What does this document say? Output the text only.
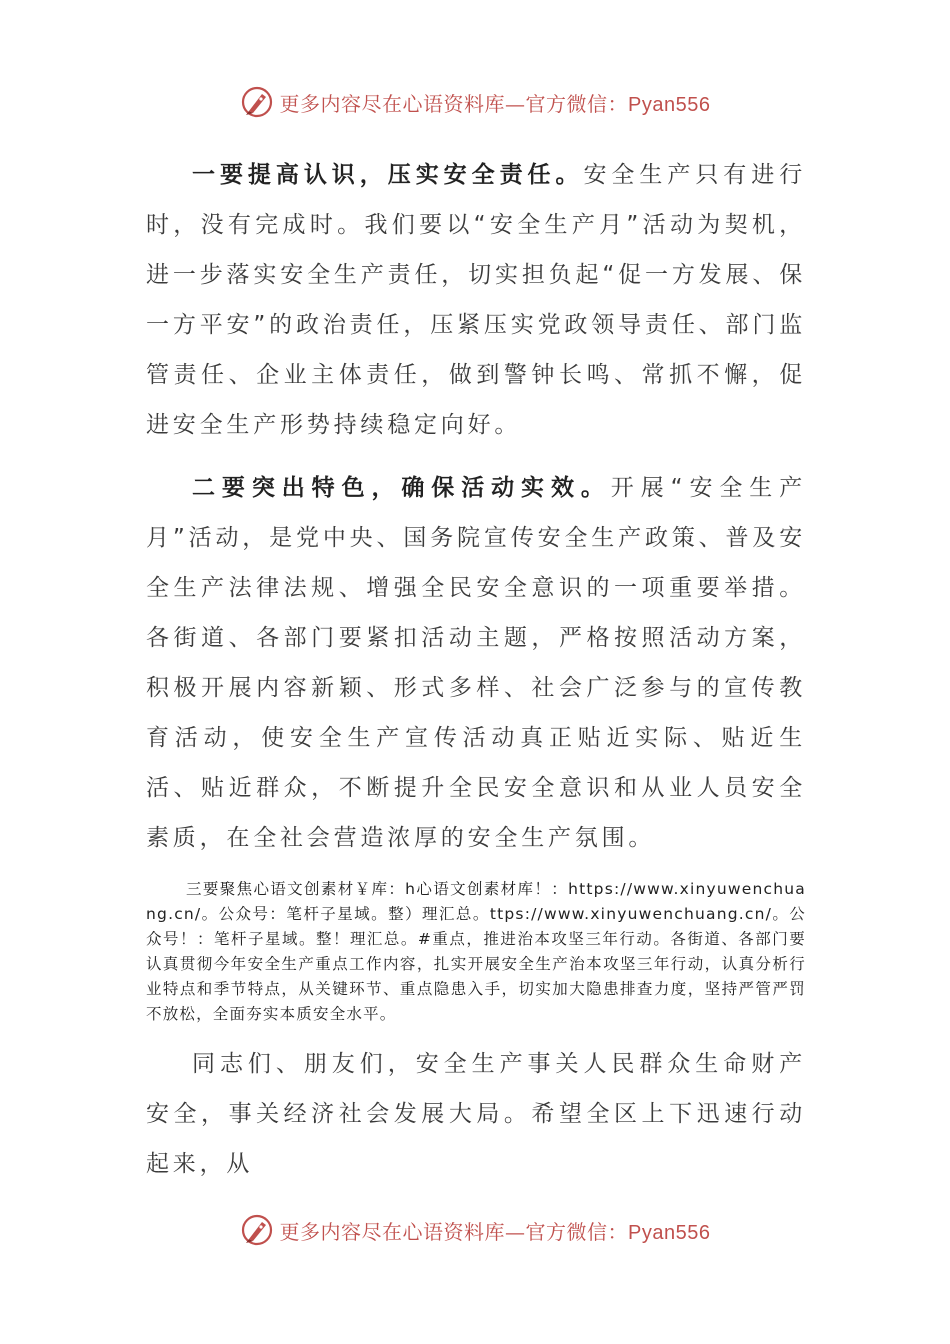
更多内容尽在心语资料库—官方微信：Pyan556

一要提高认识，压实安全责任。安全生产只有进行时，没有完成时。我们要以“安全生产月”活动为契机，进一步落实安全生产责任，切实担负起“促一方发展、保一方平安”的政治责任，压紧压实党政领导责任、部门监管责任、企业主体责任，做到警钟长鸣、常抓不懈，促进安全生产形势持续稳定向好。

二要突出特色，确保活动实效。开展“安全生产月”活动，是党中央、国务院宣传安全生产政策、普及安全生产法律法规、增强全民安全意识的一项重要举措。各街道、各部门要紧扣活动主题，严格按照活动方案，积极开展内容新颖、形式多样、社会广泛参与的宣传教育活动，使安全生产宣传活动真正贴近实际、贴近生活、贴近群众，不断提升全民安全意识和从业人员安全素质，在全社会营造浓厚的安全生产氛围。

三要聚焦心语文创素材￥库：h心语文创素材库！：https://www.xinyuwenchuang.cn/。公众号：笔杆子星域。整）理汇总。ttps://www.xinyuwenchuang.cn/。公众号！：笔杆子星域。整！理汇总。#重点，推进治本攻坚三年行动。各街道、各部门要认真贯彻今年安全生产重点工作内容，扎实开展安全生产治本攻坚三年行动，认真分析行业特点和季节特点，从关键环节、重点隐患入手，切实加大隐患排查力度，坚持严管严罚不放松，全面夯实本质安全水平。

同志们、朋友们，安全生产事关人民群众生命财产安全，事关经济社会发展大局。希望全区上下迅速行动起来，从

更多内容尽在心语资料库—官方微信：Pyan556
